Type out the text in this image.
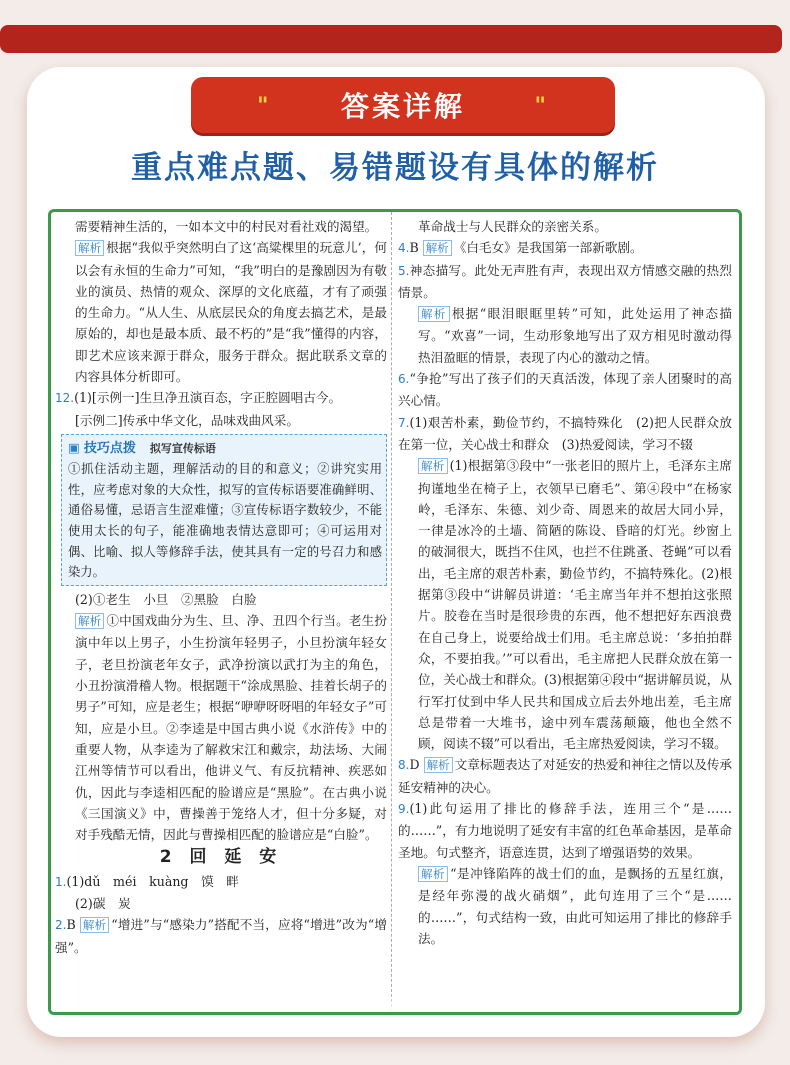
"	答案详解	"
重点难点题、易错题设有具体的解析

需要精神生活的，一如本文中的村民对看社戏的渴望。

解析 根据“我似乎突然明白了这‘高粱棵里的玩意儿’，何以会有永恒的生命力”可知，“我”明白的是豫剧因为有敬业的演员、热情的观众、深厚的文化底蕴，才有了顽强的生命力。“从人生、从底层民众的角度去搞艺术，是最原始的，却也是最本质、最不朽的”是“我”懂得的内容，即艺术应该来源于群众，服务于群众。据此联系文章的内容具体分析即可。

12.(1)[示例一]生旦净丑演百态，字正腔圆唱古今。

[示例二]传承中华文化，品味戏曲风采。

▣ 技巧点拨 拟写宣传标语
①抓住活动主题，理解活动的目的和意义；②讲究实用性，应考虑对象的大众性，拟写的宣传标语要准确鲜明、通俗易懂，忌语言生涩难懂；③宣传标语字数较少，不能使用太长的句子，能准确地表情达意即可；④可运用对偶、比喻、拟人等修辞手法，使其具有一定的号召力和感染力。

(2)①老生　小旦　②黑脸　白脸

解析 ①中国戏曲分为生、旦、净、丑四个行当。老生扮演中年以上男子，小生扮演年轻男子，小旦扮演年轻女子，老旦扮演老年女子，武净扮演以武打为主的角色，小丑扮演滑稽人物。根据题干“涂成黑脸、挂着长胡子的男子”可知，应是老生；根据“咿咿呀呀唱的年轻女子”可知，应是小旦。②李逵是中国古典小说《水浒传》中的重要人物，从李逵为了解救宋江和戴宗，劫法场、大闹江州等情节可以看出，他讲义气、有反抗精神、疾恶如仇，因此与李逵相匹配的脸谱应是“黑脸”。在古典小说《三国演义》中，曹操善于笼络人才，但十分多疑，对对手残酷无情，因此与曹操相匹配的脸谱应是“白脸”。

2 回 延 安

1.(1)dǔ　méi　kuàng　馍　畔

(2)碳　炭

2.B 解析 “增进”与“感染力”搭配不当，应将“增进”改为“增强”。

革命战士与人民群众的亲密关系。

4.B 解析 《白毛女》是我国第一部新歌剧。

5.神态描写。此处无声胜有声，表现出双方情感交融的热烈情景。

解析 根据“眼泪眼眶里转”可知，此处运用了神态描写。“欢喜”一词，生动形象地写出了双方相见时激动得热泪盈眶的情景，表现了内心的激动之情。

6.“争抢”写出了孩子们的天真活泼，体现了亲人团聚时的高兴心情。

7.(1)艰苦朴素，勤俭节约，不搞特殊化　(2)把人民群众放在第一位，关心战士和群众　(3)热爱阅读，学习不辍

解析 (1)根据第③段中“一张老旧的照片上，毛泽东主席拘谨地坐在椅子上，衣领早已磨毛”、第④段中“在杨家岭，毛泽东、朱德、刘少奇、周恩来的故居大同小异，一律是冰冷的土墙、简陋的陈设、昏暗的灯光。纱窗上的破洞很大，既挡不住风，也拦不住跳蚤、苍蝇”可以看出，毛主席的艰苦朴素，勤俭节约，不搞特殊化。(2)根据第③段中“讲解员讲道：‘毛主席当年并不想拍这张照片。胶卷在当时是很珍贵的东西，他不想把好东西浪费在自己身上，说要给战士们用。毛主席总说：‘多拍拍群众，不要拍我。’”可以看出，毛主席把人民群众放在第一位，关心战士和群众。(3)根据第④段中“据讲解员说，从行军打仗到中华人民共和国成立后去外地出差，毛主席总是带着一大堆书，途中列车震荡颠簸，他也全然不顾，阅读不辍”可以看出，毛主席热爱阅读，学习不辍。

8.D 解析 文章标题表达了对延安的热爱和神往之情以及传承延安精神的决心。

9.(1)此句运用了排比的修辞手法，连用三个“是……的……”，有力地说明了延安有丰富的红色革命基因，是革命圣地。句式整齐，语意连贯，达到了增强语势的效果。

解析 “是冲锋陷阵的战士们的血，是飘扬的五星红旗，是经年弥漫的战火硝烟”，此句连用了三个“是……的……”，句式结构一致，由此可知运用了排比的修辞手法。
